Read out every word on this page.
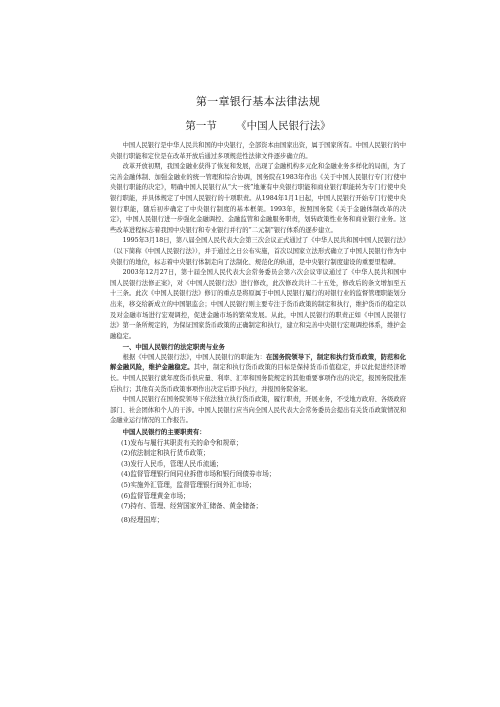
第一章银行基本法律法规
第一节 《中国人民银行法》

中国人民银行是中华人民共和国的中央银行，全部资本由国家出资，属于国家所有。中国人民银行的中央银行职能和定位是在改革开放后通过多项规范性法律文件逐步确立的。

改革开放初期，我国金融业获得了恢复和发展，出现了金融机构多元化和金融业务多样化的局面，为了完善金融体制、加强金融业的统一管理和综合协调，国务院在1983年作出《关于中国人民银行专门行使中央银行职能的决定》，明确中国人民银行从“大一统”地兼有中央银行职能和商业银行职能转为专门行使中央银行职能，并具体规定了中国人民银行的十项职责。从1984年1月1日起，中国人民银行开始专门行使中央银行职能，随后初步确定了中央银行制度的基本框架。1993年，按照国务院《关于金融体制改革的决定》，中国人民银行进一步强化金融调控、金融监管和金融服务职责，划转政策性业务和商业银行业务。这些改革进程标志着我国中央银行和专业银行并行的“二元制”银行体系的逐步建立。

1995年3月18日，第八届全国人民代表大会第三次会议正式通过了《中华人民共和国中国人民银行法》（以下简称《中国人民银行法》），并于通过之日公布实施，首次以国家立法形式确立了中国人民银行作为中央银行的地位，标志着中央银行体制走向了法制化、规范化的轨道，是中央银行制度建设的重要里程碑。

2003年12月27日，第十届全国人民代表大会常务委员会第六次会议审议通过了《中华人民共和国中国人民银行法修正案》，对《中国人民银行法》进行修改，此次修改共计二十五处，修改后的条文增加至五十三条。此次《中国人民银行法》修订的重点是将原属于中国人民银行履行的对银行业的监督管理职能划分出来，移交给新成立的中国银监会；中国人民银行则主要专注于货币政策的制定和执行，维护货币的稳定以及对金融市场进行宏观调控，促进金融市场的繁荣发展。从此，中国人民银行的职责正如《中国人民银行法》第一条所规定的，为保证国家货币政策的正确制定和执行，建立和完善中央银行宏观调控体系，维护金融稳定。

一、中国人民银行的法定职责与业务

根据《中国人民银行法》，中国人民银行的职能为：在国务院领导下，制定和执行货币政策，防范和化解金融风险，维护金融稳定。其中，制定和执行货币政策的目标是保持货币币值稳定，并以此促进经济增长。中国人民银行就年度货币供应量、利率、汇率和国务院规定的其他重要事项作出的决定，报国务院批准后执行；其他有关货币政策事项作出决定后即予执行，并报国务院备案。

中国人民银行在国务院领导下依法独立执行货币政策，履行职责，开展业务，不受地方政府、各级政府部门、社会团体和个人的干涉。中国人民银行应当向全国人民代表大会常务委员会提出有关货币政策情况和金融业运行情况的工作报告。

中国人民银行的主要职责有：
(1)发布与履行其职责有关的命令和规章；
(2)依法制定和执行货币政策；
(3)发行人民币，管理人民币流通；
(4)监督管理银行间同业拆借市场和银行间债券市场；
(5)实施外汇管理，监督管理银行间外汇市场；
(6)监督管理黄金市场；
(7)持有、管理、经营国家外汇储备、黄金储备；
(8)经理国库；
